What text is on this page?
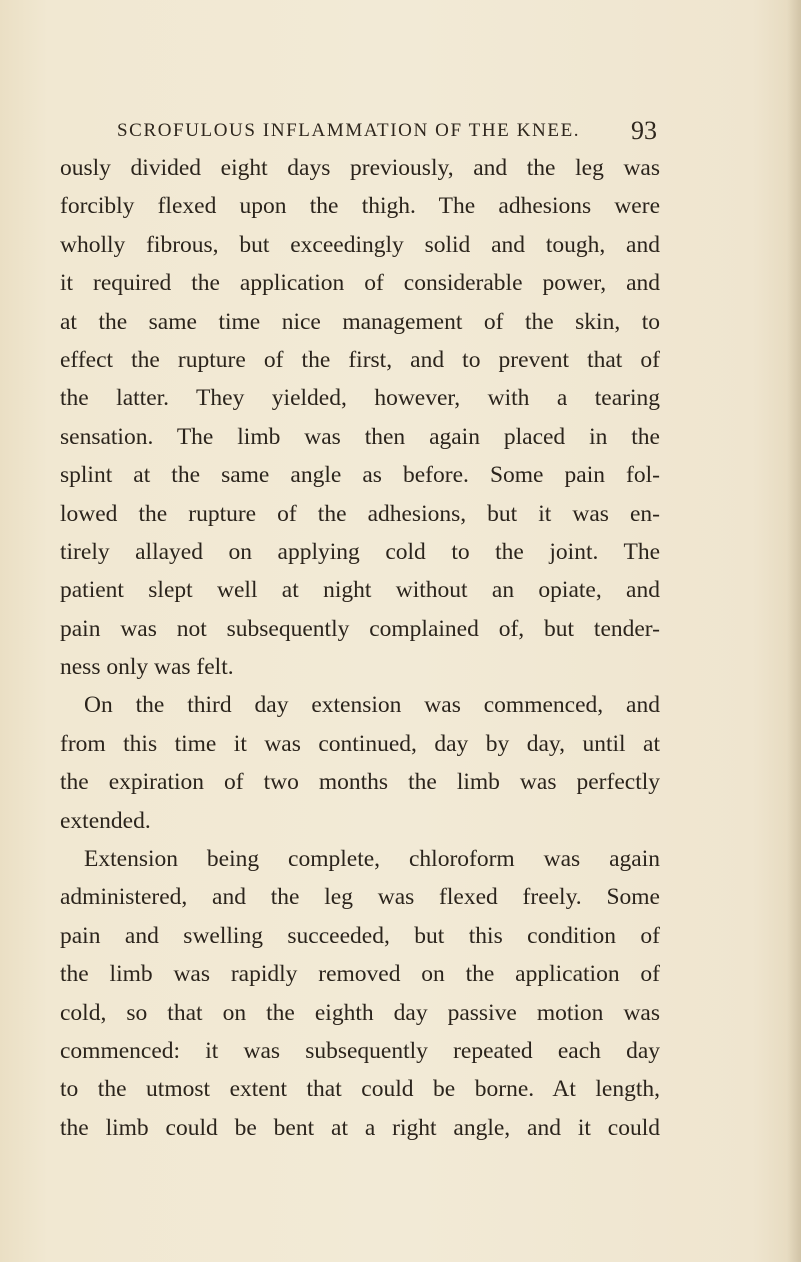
SCROFULOUS INFLAMMATION OF THE KNEE. 93
ously divided eight days previously, and the leg was
forcibly flexed upon the thigh. The adhesions were
wholly fibrous, but exceedingly solid and tough, and
it required the application of considerable power, and
at the same time nice management of the skin, to
effect the rupture of the first, and to prevent that of
the latter. They yielded, however, with a tearing
sensation. The limb was then again placed in the
splint at the same angle as before. Some pain fol-
lowed the rupture of the adhesions, but it was en-
tirely allayed on applying cold to the joint. The
patient slept well at night without an opiate, and
pain was not subsequently complained of, but tender-
ness only was felt.
On the third day extension was commenced, and
from this time it was continued, day by day, until at
the expiration of two months the limb was perfectly
extended.
Extension being complete, chloroform was again
administered, and the leg was flexed freely. Some
pain and swelling succeeded, but this condition of
the limb was rapidly removed on the application of
cold, so that on the eighth day passive motion was
commenced: it was subsequently repeated each day
to the utmost extent that could be borne. At length,
the limb could be bent at a right angle, and it could
